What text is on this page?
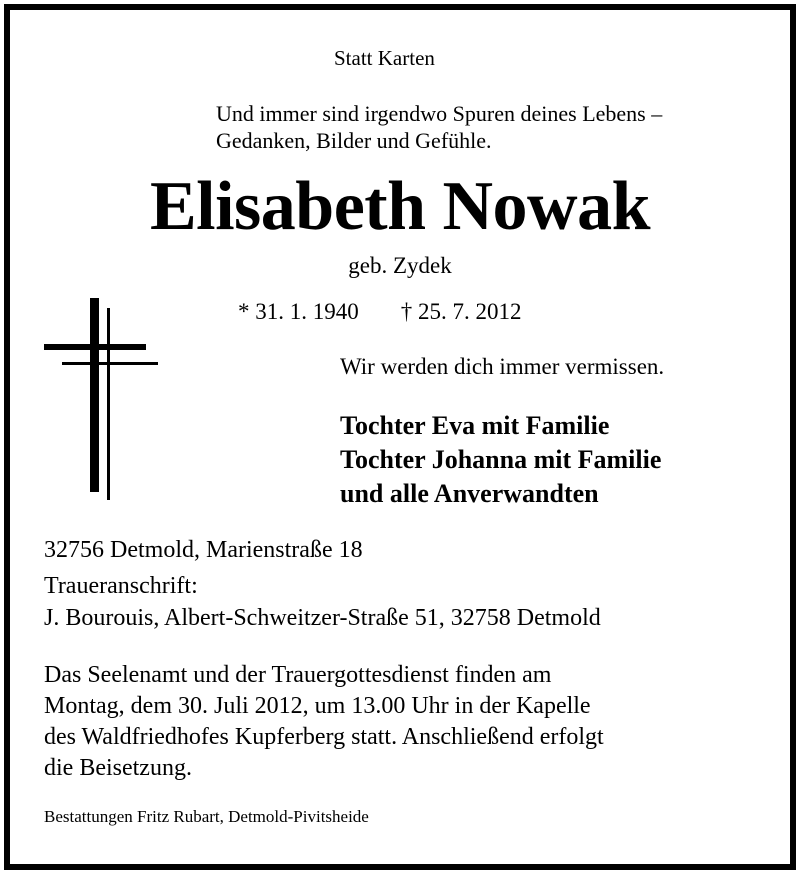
Statt Karten

Und immer sind irgendwo Spuren deines Lebens –
Gedanken, Bilder und Gefühle.
Elisabeth Nowak

geb. Zydek

* 31. 1. 1940 † 25. 7. 2012

Wir werden dich immer vermissen.

Tochter Eva mit Familie
Tochter Johanna mit Familie
und alle Anverwandten

32756 Detmold, Marienstraße 18

Traueranschrift:

J. Bourouis, Albert-Schweitzer-Straße 51, 32758 Detmold

Das Seelenamt und der Trauergottesdienst finden am
Montag, dem 30. Juli 2012, um 13.00 Uhr in der Kapelle
des Waldfriedhofes Kupferberg statt. Anschließend erfolgt
die Beisetzung.

Bestattungen Fritz Rubart, Detmold-Pivitsheide
